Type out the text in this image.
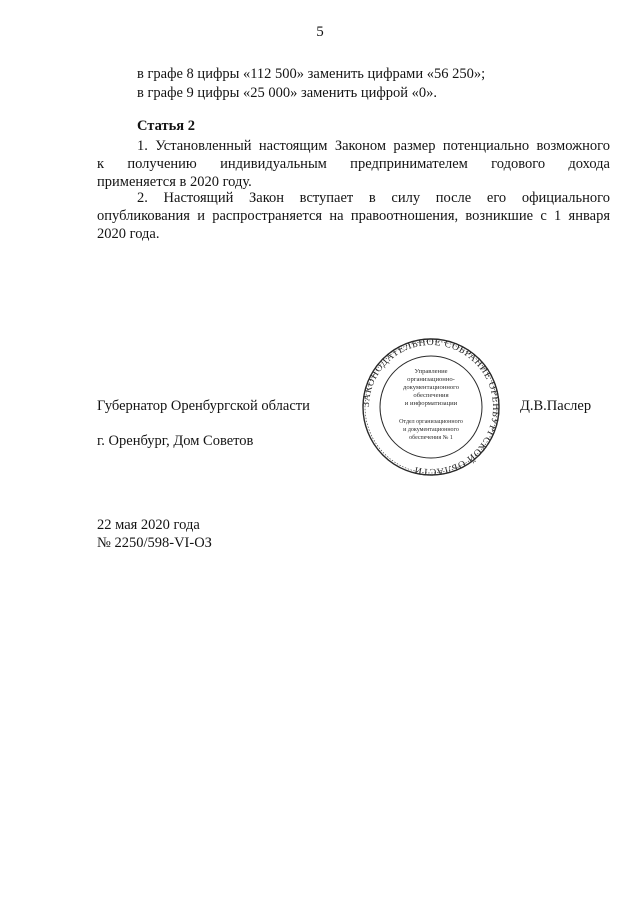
5
в графе 8 цифры «112 500» заменить цифрами «56 250»;
в графе 9 цифры «25 000» заменить цифрой «0».
Статья 2
1. Установленный настоящим Законом размер потенциально возможного
к получению индивидуальным предпринимателем годового дохода
применяется в 2020 году.
2. Настоящий Закон вступает в силу после его официального
опубликования и распространяется на правоотношения, возникшие с 1 января
2020 года.
Губернатор Оренбургской области	Д.В.Паслер
г. Оренбург, Дом Советов
22 мая 2020 года
№ 2250/598-VI-ОЗ
ЗАКОНОДАТЕЛЬНОЕ СОБРАНИЕ ОРЕНБУРГСКОЙ ОБЛАСТИ
Управление
организационно-
документационного
обеспечения
и информатизации
Отдел организационного
и документационного
обеспечения № 1
